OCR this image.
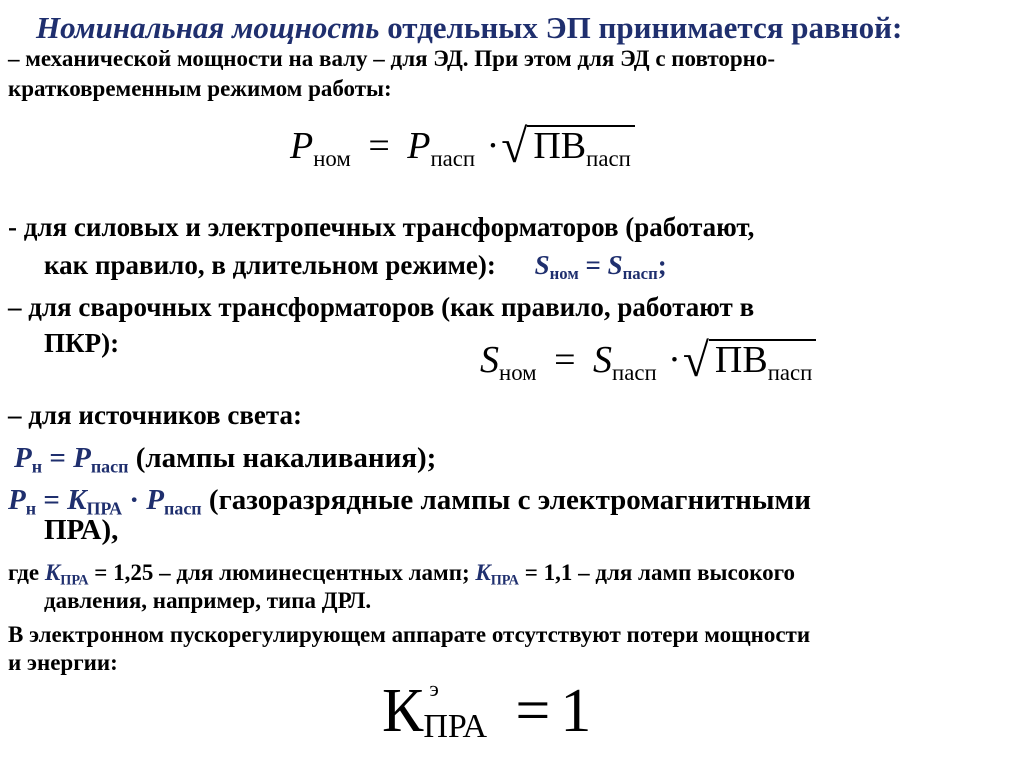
Номинальная мощность отдельных ЭП принимается равной:
– механической мощности на валу – для ЭД. При этом для ЭД с повторно-
кратковременным режимом работы:
$P_{ном} = P_{пасп}$ ·√ $ПВ_{пасп}$
- для силовых и электропечных трансформаторов (работают,
как правило, в длительном режиме): Sном = Sпасп;
– для сварочных трансформаторов (как правило, работают в
ПКР):	$S_{ном} = S_{пасп}$ ·√ $ПВ_{пасп}$
– для источников света:
Pн = Pпасп (лампы накаливания);
Pн = KПРА · Pпасп (газоразрядные лампы с электромагнитными
ПРА),
где KПРА = 1,25 – для люминесцентных ламп; KПРА = 1,1 – для ламп высокого
давления, например, типа ДРЛ.
В электронном пускорегулирующем аппарате отсутствуют потери мощности
и энергии:
К э
ПРА = 1
